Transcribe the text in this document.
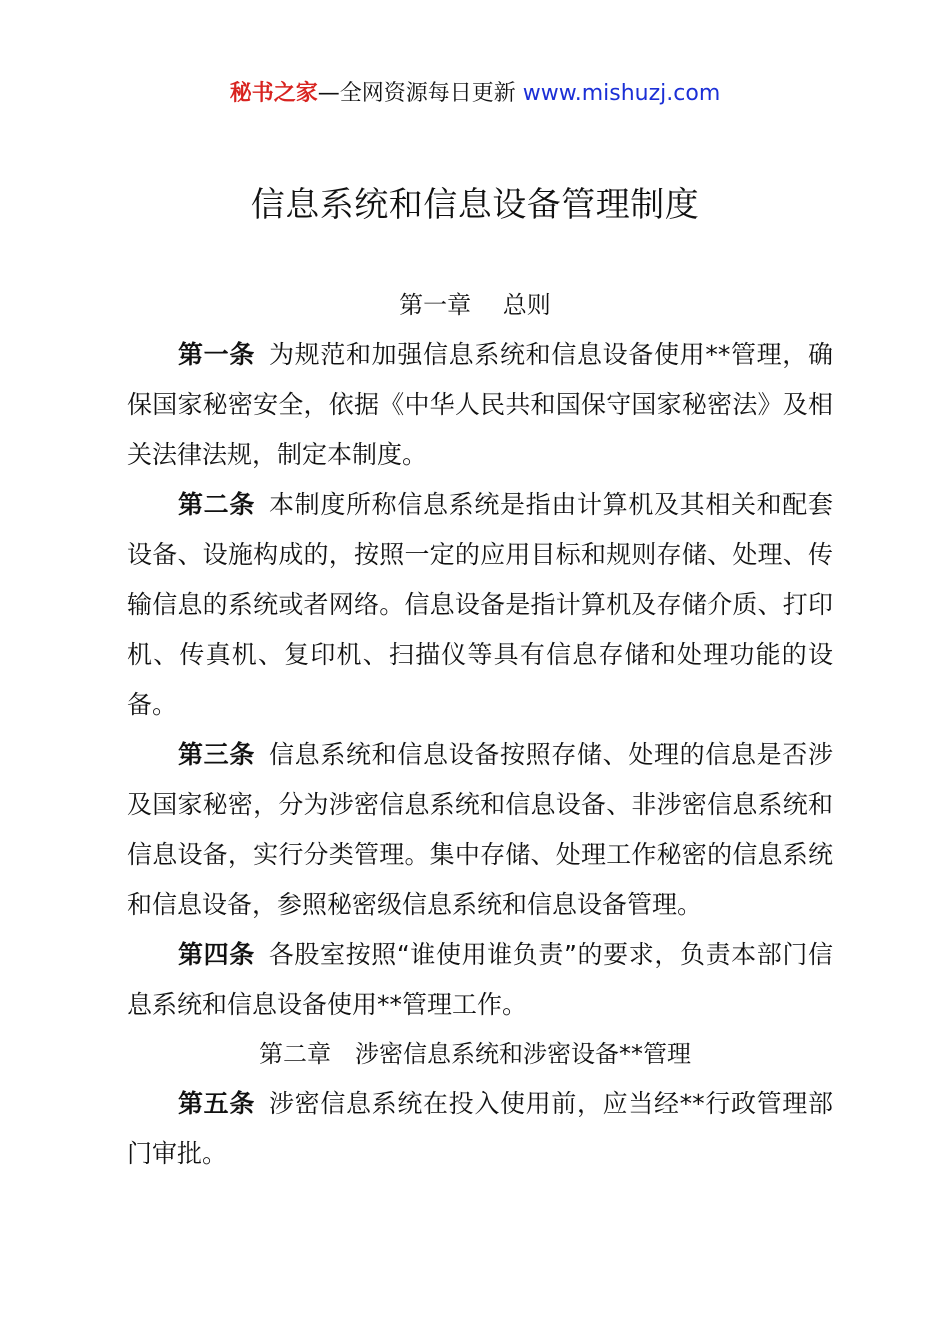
秘书之家—全网资源每日更新 www.mishuzj.com
信息系统和信息设备管理制度
第一章　 总则
第一条 为规范和加强信息系统和信息设备使用**管理，确保国家秘密安全，依据《中华人民共和国保守国家秘密法》及相关法律法规，制定本制度。
第二条 本制度所称信息系统是指由计算机及其相关和配套设备、设施构成的，按照一定的应用目标和规则存储、处理、传输信息的系统或者网络。信息设备是指计算机及存储介质、打印机、传真机、复印机、扫描仪等具有信息存储和处理功能的设备。
第三条 信息系统和信息设备按照存储、处理的信息是否涉及国家秘密，分为涉密信息系统和信息设备、非涉密信息系统和信息设备，实行分类管理。集中存储、处理工作秘密的信息系统和信息设备，参照秘密级信息系统和信息设备管理。
第四条 各股室按照“谁使用谁负责”的要求，负责本部门信息系统和信息设备使用**管理工作。
第二章　涉密信息系统和涉密设备**管理
第五条 涉密信息系统在投入使用前，应当经**行政管理部门审批。
